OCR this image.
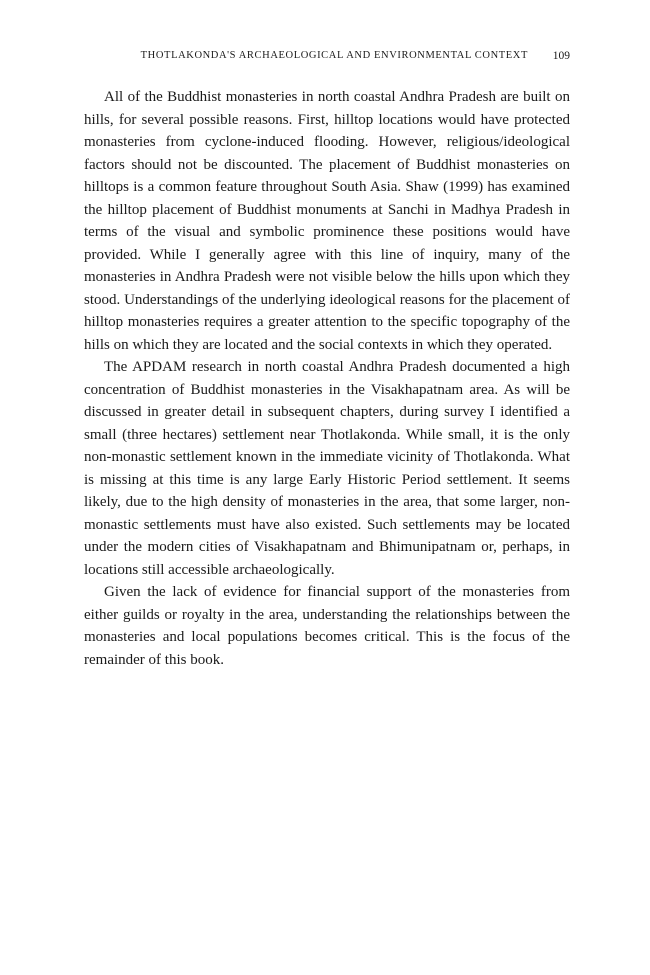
THOTLAKONDA'S ARCHAEOLOGICAL AND ENVIRONMENTAL CONTEXT 109

All of the Buddhist monasteries in north coastal Andhra Pradesh are built on hills, for several possible reasons. First, hilltop locations would have protected monasteries from cyclone-induced flooding. However, religious/ideological factors should not be discounted. The placement of Buddhist monasteries on hilltops is a common feature throughout South Asia. Shaw (1999) has examined the hilltop placement of Buddhist monuments at Sanchi in Madhya Pradesh in terms of the visual and symbolic prominence these positions would have provided. While I generally agree with this line of inquiry, many of the monasteries in Andhra Pradesh were not visible below the hills upon which they stood. Understandings of the underlying ideological reasons for the placement of hilltop monasteries requires a greater attention to the specific topography of the hills on which they are located and the social contexts in which they operated.

The APDAM research in north coastal Andhra Pradesh documented a high concentration of Buddhist monasteries in the Visakhapatnam area. As will be discussed in greater detail in subsequent chapters, during survey I identified a small (three hectares) settlement near Thotlakonda. While small, it is the only non-monastic settlement known in the immediate vicinity of Thotlakonda. What is missing at this time is any large Early Historic Period settlement. It seems likely, due to the high density of monasteries in the area, that some larger, non-monastic settlements must have also existed. Such settlements may be located under the modern cities of Visakhapatnam and Bhimunipatnam or, perhaps, in locations still accessible archaeologically.

Given the lack of evidence for financial support of the monasteries from either guilds or royalty in the area, understanding the relationships between the monasteries and local populations becomes critical. This is the focus of the remainder of this book.
